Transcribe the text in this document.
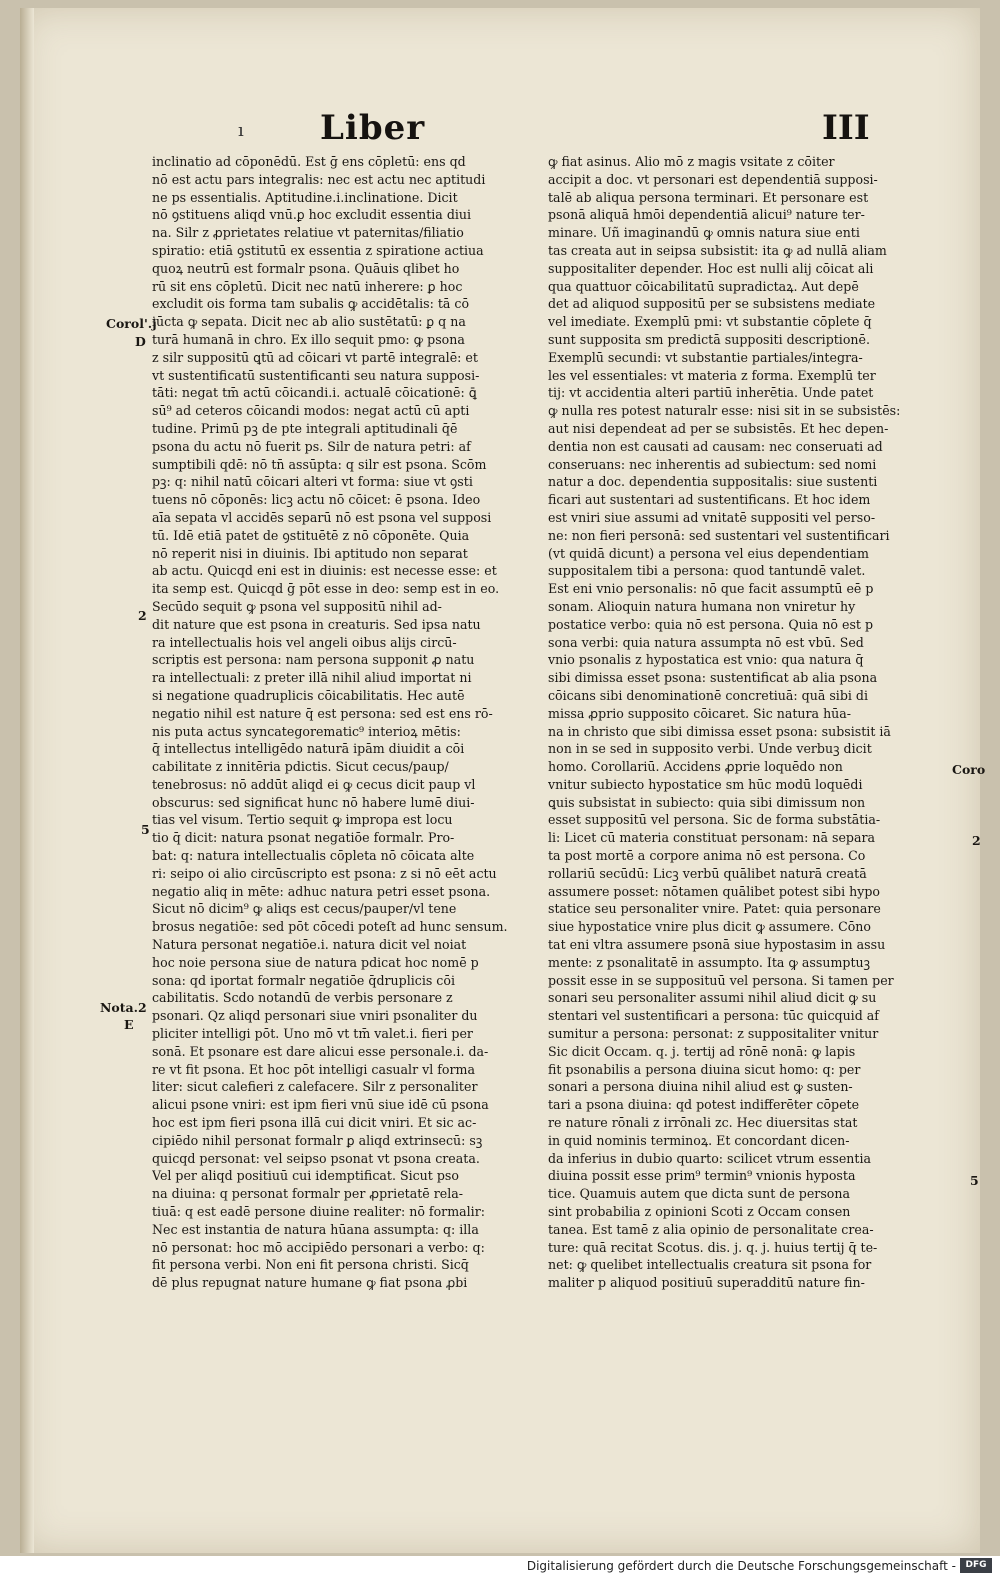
ı Liber	III
inclinatio ad cōponēdū. Est ḡ ens cōpletū: ens qd
nō est actu pars integralis: nec est actu nec aptitudi
ne ps essentialis. Aptitudine.i.inclinatione. Dicit
nō ꝯstituens aliqd vnū.ꝑ hoc excludit essentia diui
na. Silr z ꝓprietates relatiue vt paternitas/filiatio
spiratio: etiā ꝯstitutū ex essentia z spiratione actiua
quoꝝ neutrū est formalr psona. Quāuis qlibet ho
rū sit ens cōpletū. Dicit nec natū inherere: ꝑ hoc
excludit ois forma tam subalis ꝙ accidētalis: tā cō
iūcta ꝙ sepata. Dicit nec ab alio sustētatū: ꝑ q na
turā humanā in chro. Ex illo sequit pmo: ꝙ psona
z silr suppositū ꝗtū ad cōicari vt partē integralē: et
vt sustentificatū sustentificanti seu natura supposi-
tāti: negat tm̄ actū cōicandi.i. actualē cōicationē: ꝗ̄
sū⁹ ad ceteros cōicandi modos: negat actū cū apti
tudine. Primū pꝫ de pte integrali aptitudinali q̄ē
psona du actu nō fuerit ps. Silr de natura petri: af
sumptibili qdē: nō tn̄ assūpta: q silr est psona. Scōm
pꝫ: q: nihil natū cōicari alteri vt forma: siue vt ꝯsti
tuens nō cōponēs: licꝫ actu nō cōicet: ē psona. Ideo
aīa sepata vl accidēs separū nō est psona vel supposi
tū. Idē etiā patet de ꝯstituētē z nō cōponēte. Quia
nō reperit nisi in diuinis. Ibi aptitudo non separat
ab actu. Quicqd eni est in diuinis: est necesse esse: et
ita semp est. Quicqd ḡ pōt esse in deo: semp est in eo.
Secūdo sequit ꝙ psona vel suppositū nihil ad-
dit nature que est psona in creaturis. Sed ipsa natu
ra intellectualis hois vel angeli oibus alijs circū-
scriptis est persona: nam persona supponit ꝓ natu
ra intellectuali: z preter illā nihil aliud importat ni
si negatione quadruplicis cōicabilitatis. Hec autē
negatio nihil est nature q̄ est persona: sed est ens rō-
nis puta actus syncategorematic⁹ interioꝝ mētis:
q̄ intellectus intelligēdo naturā ipām diuidit a cōi
cabilitate z innitēria pdictis. Sicut cecus/paup/
tenebrosus: nō addūt aliqd ei ꝙ cecus dicit paup vl
obscurus: sed significat hunc nō habere lumē diui-
tias vel visum. Tertio sequit ꝙ impropa est locu
tio q̄ dicit: natura psonat negatiōe formalr. Pro-
bat: q: natura intellectualis cōpleta nō cōicata alte
ri: seipo oi alio circūscripto est psona: z si nō eēt actu
negatio aliq in mēte: adhuc natura petri esset psona.
Sicut nō dicim⁹ ꝙ aliqs est cecus/pauper/vl tene
brosus negatiōe: sed pōt cōcedi poteſt ad hunc sensum.
Natura personat negatiōe.i. natura dicit vel noiat
hoc noie persona siue de natura pdicat hoc nomē p
sona: qd iportat formalr negatiōe q̄druplicis cōi
cabilitatis. Scdo notandū de verbis personare z
psonari. Qz aliqd personari siue vniri psonaliter du
pliciter intelligi pōt. Uno mō vt tm̄ valet.i. fieri per
sonā. Et psonare est dare alicui esse personale.i. da-
re vt fit psona. Et hoc pōt intelligi casualr vl forma
liter: sicut calefieri z calefacere. Silr z personaliter
alicui psone vniri: est ipm fieri vnū siue idē cū psona
hoc est ipm fieri psona illā cui dicit vniri. Et sic ac-
cipiēdo nihil personat formalr ꝑ aliqd extrinsecū: sꝫ
quicqd personat: vel seipso psonat vt psona creata.
Vel per aliqd positiuū cui idemptificat. Sicut pso
na diuina: q personat formalr per ꝓprietatē rela-
tiuā: q est eadē persone diuine realiter: nō formalir:
Nec est instantia de natura hūana assumpta: q: illa
nō personat: hoc mō accipiēdo personari a verbo: q:
fit persona verbi. Non eni fit persona christi. Sicq̄
dē plus repugnat nature humane ꝙ fiat psona ꝓbi
ꝙ fiat asinus. Alio mō z magis vsitate z cōiter
accipit a doc. vt personari est dependentiā supposi-
talē ab aliqua persona terminari. Et personare est
psonā aliquā hmōi dependentiā alicui⁹ nature ter-
minare. Uñ imaginandū ꝙ omnis natura siue enti
tas creata aut in seipsa subsistit: ita ꝙ ad nullā aliam
suppositaliter depender. Hoc est nulli alij cōicat ali
qua quattuor cōicabilitatū supradictaꝝ. Aut depē
det ad aliquod suppositū per se subsistens mediate
vel imediate. Exemplū pmi: vt substantie cōplete q̄
sunt supposita sm predictā suppositi descriptionē.
Exemplū secundi: vt substantie partiales/integra-
les vel essentiales: vt materia z forma. Exemplū ter
tij: vt accidentia alteri partiū inherētia. Unde patet
ꝙ nulla res potest naturalr esse: nisi sit in se subsistēs:
aut nisi dependeat ad per se subsistēs. Et hec depen-
dentia non est causati ad causam: nec conseruati ad
conseruans: nec inherentis ad subiectum: sed nomi
natur a doc. dependentia suppositalis: siue sustenti
ficari aut sustentari ad sustentificans. Et hoc idem
est vniri siue assumi ad vnitatē suppositi vel perso-
ne: non fieri personā: sed sustentari vel sustentificari
(vt quidā dicunt) a persona vel eius dependentiam
suppositalem tibi a persona: quod tantundē valet.
Est eni vnio personalis: nō que facit assumptū eē p
sonam. Alioquin natura humana non vniretur hy
postatice verbo: quia nō est persona. Quia nō est p
sona verbi: quia natura assumpta nō est vbū. Sed
vnio psonalis z hypostatica est vnio: qua natura q̄
sibi dimissa esset psona: sustentificat ab alia psona
cōicans sibi denominationē concretiuā: quā sibi di
missa ꝓprio supposito cōicaret. Sic natura hūa-
na in christo que sibi dimissa esset psona: subsistit iā
non in se sed in supposito verbi. Unde verbuꝫ dicit
homo. Corollariū. Accidens ꝓprie loquēdo non
vnitur subiecto hypostatice sm hūc modū loquēdi
ꝗuis subsistat in subiecto: quia sibi dimissum non
esset suppositū vel persona. Sic de forma substātia-
li: Licet cū materia constituat personam: nā separa
ta post mortē a corpore anima nō est persona. Co
rollariū secūdū: Licꝫ verbū quālibet naturā creatā
assumere posset: nōtamen quālibet potest sibi hypo
statice seu personaliter vnire. Patet: quia personare
siue hypostatice vnire plus dicit ꝙ assumere. Cōno
tat eni vltra assumere psonā siue hypostasim in assu
mente: z psonalitatē in assumpto. Ita ꝙ assumptuꝫ
possit esse in se supposituū vel persona. Si tamen per
sonari seu personaliter assumi nihil aliud dicit ꝙ su
stentari vel sustentificari a persona: tūc quicquid af
sumitur a persona: personat: z suppositaliter vnitur
Sic dicit Occam. q. j. tertij ad rōnē nonā: ꝙ lapis
fit psonabilis a persona diuina sicut homo: q: per
sonari a persona diuina nihil aliud est ꝙ susten-
tari a psona diuina: qd potest indifferēter cōpete
re nature rōnali z irrōnali zc. Hec diuersitas stat
in quid nominis terminoꝝ. Et concordant dicen-
da inferius in dubio quarto: scilicet vtrum essentia
diuina possit esse prim⁹ termin⁹ vnionis hyposta
tice. Quamuis autem que dicta sunt de persona
sint probabilia z opinioni Scoti z Occam consen
tanea. Est tamē z alia opinio de personalitate crea-
ture: quā recitat Scotus. dis. j. q. j. huius tertij q̄ te-
net: ꝙ quelibet intellectualis creatura sit psona for
maliter p aliquod positiuū superadditū nature fin-
Corol'.j
D
2
5
Nota.2
E
Coro
2
5
Digitalisierung gefördert durch die Deutsche Forschungsgemeinschaft -	DFG
